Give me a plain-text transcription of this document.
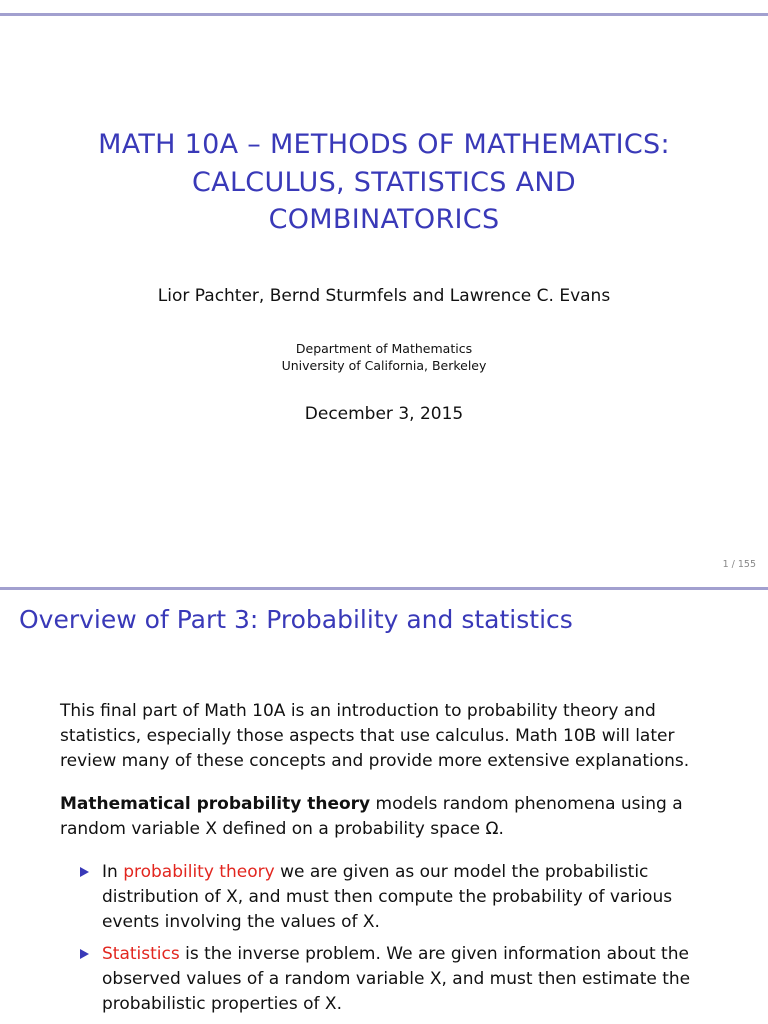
MATH 10A – METHODS OF MATHEMATICS:
CALCULUS, STATISTICS AND
COMBINATORICS
Lior Pachter, Bernd Sturmfels and Lawrence C. Evans
Department of Mathematics
University of California, Berkeley
December 3, 2015
1 / 155
Overview of Part 3: Probability and statistics

This final part of Math 10A is an introduction to probability theory and statistics, especially those aspects that use calculus. Math 10B will later review many of these concepts and provide more extensive explanations.

Mathematical probability theory models random phenomena using a random variable X defined on a probability space Ω.

In probability theory we are given as our model the probabilistic distribution of X, and must then compute the probability of various events involving the values of X.
Statistics is the inverse problem. We are given information about the observed values of a random variable X, and must then estimate the probabilistic properties of X.
